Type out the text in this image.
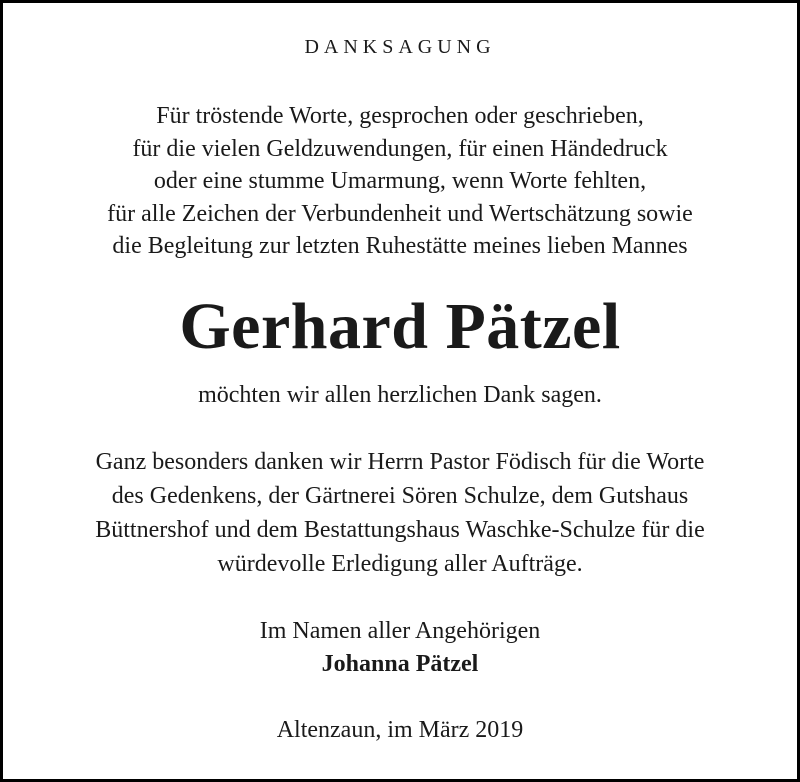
DANKSAGUNG
Für tröstende Worte, gesprochen oder geschrieben,
für die vielen Geldzuwendungen, für einen Händedruck
oder eine stumme Umarmung, wenn Worte fehlten,
für alle Zeichen der Verbundenheit und Wertschätzung sowie
die Begleitung zur letzten Ruhestätte meines lieben Mannes
Gerhard Pätzel
möchten wir allen herzlichen Dank sagen.
Ganz besonders danken wir Herrn Pastor Födisch für die Worte
des Gedenkens, der Gärtnerei Sören Schulze, dem Gutshaus
Büttnershof und dem Bestattungshaus Waschke-Schulze für die
würdevolle Erledigung aller Aufträge.
Im Namen aller Angehörigen
Johanna Pätzel
Altenzaun, im März 2019
